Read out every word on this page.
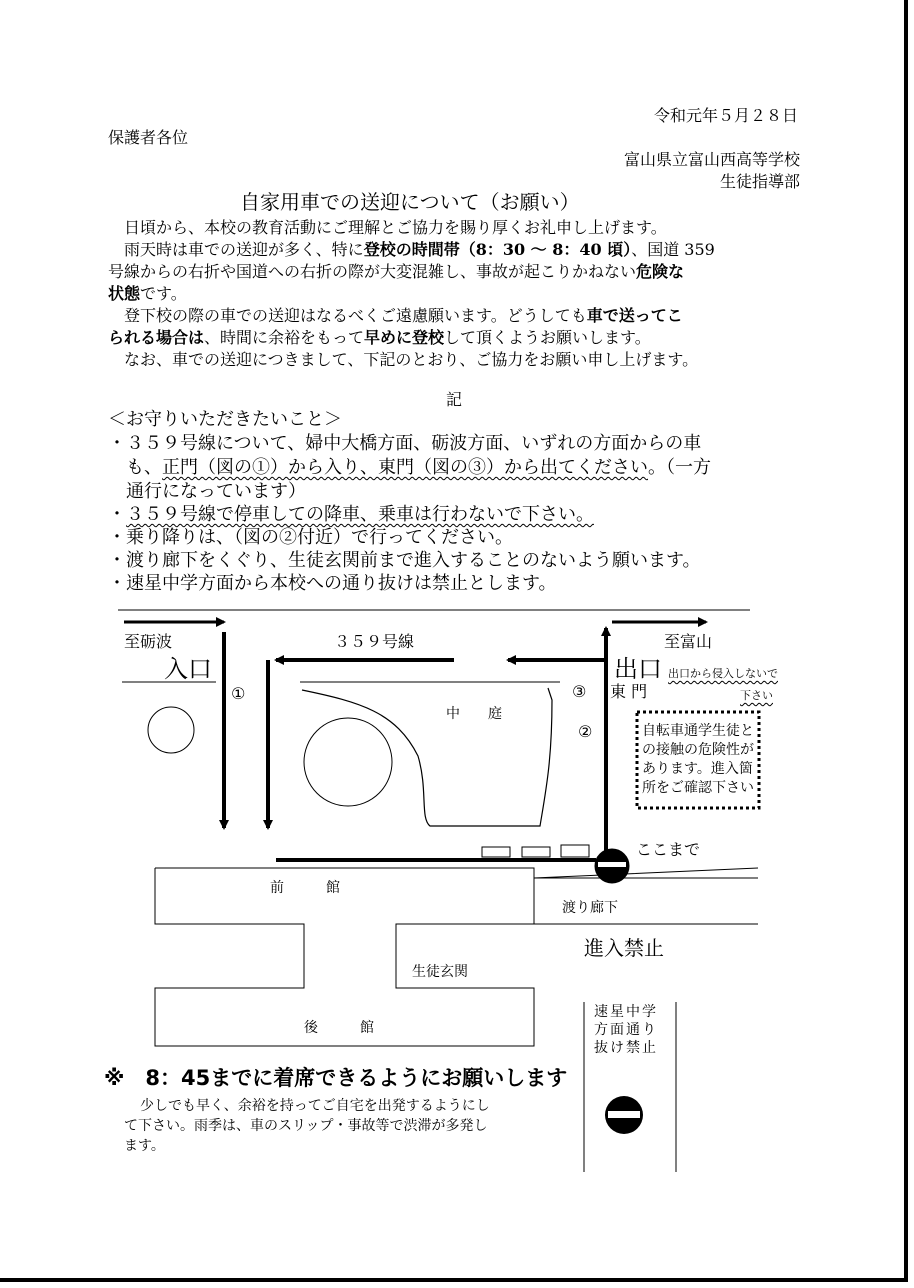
令和元年５月２８日
保護者各位
富山県立富山西高等学校
生徒指導部
自家用車での送迎について（お願い）
日頃から、本校の教育活動にご理解とご協力を賜り厚くお礼申し上げます。
雨天時は車での送迎が多く、特に登校の時間帯（8：30 ～ 8：40 頃）、国道 359
号線からの右折や国道への右折の際が大変混雑し、事故が起こりかねない危険な
状態です。
登下校の際の車での送迎はなるべくご遠慮願います。どうしても車で送ってこ
られる場合は、時間に余裕をもって早めに登校して頂くようお願いします。
なお、車での送迎につきまして、下記のとおり、ご協力をお願い申し上げます。
記
＜お守りいただきたいこと＞
・３５９号線について、婦中大橋方面、砺波方面、いずれの方面からの車
も、正門（図の①）から入り、東門（図の③）から出てください。（一方
通行になっています）
・３５９号線で停車しての降車、乗車は行わないで下さい。
・乗り降りは、（図の②付近）で行ってください。
・渡り廊下をくぐり、生徒玄関前まで進入することのないよう願います。
・速星中学方面から本校への通り抜けは禁止とします。
至砺波
入口
３５９号線	至富山
出口 出口から侵入しないで
下さい
①	③ 東 門
②
中　　庭
自転車通学生徒と
の接触の危険性が
あります。進入箇
所をご確認下さい
ここまで
前　　　館
渡り廊下
進入禁止
生徒玄関
後　　　館
速星中学
方面通り
抜け禁止
※　8：45までに着席できるようにお願いします
少しでも早く、余裕を持ってご自宅を出発するようにし
て下さい。雨季は、車のスリップ・事故等で渋滞が多発し
ます。
